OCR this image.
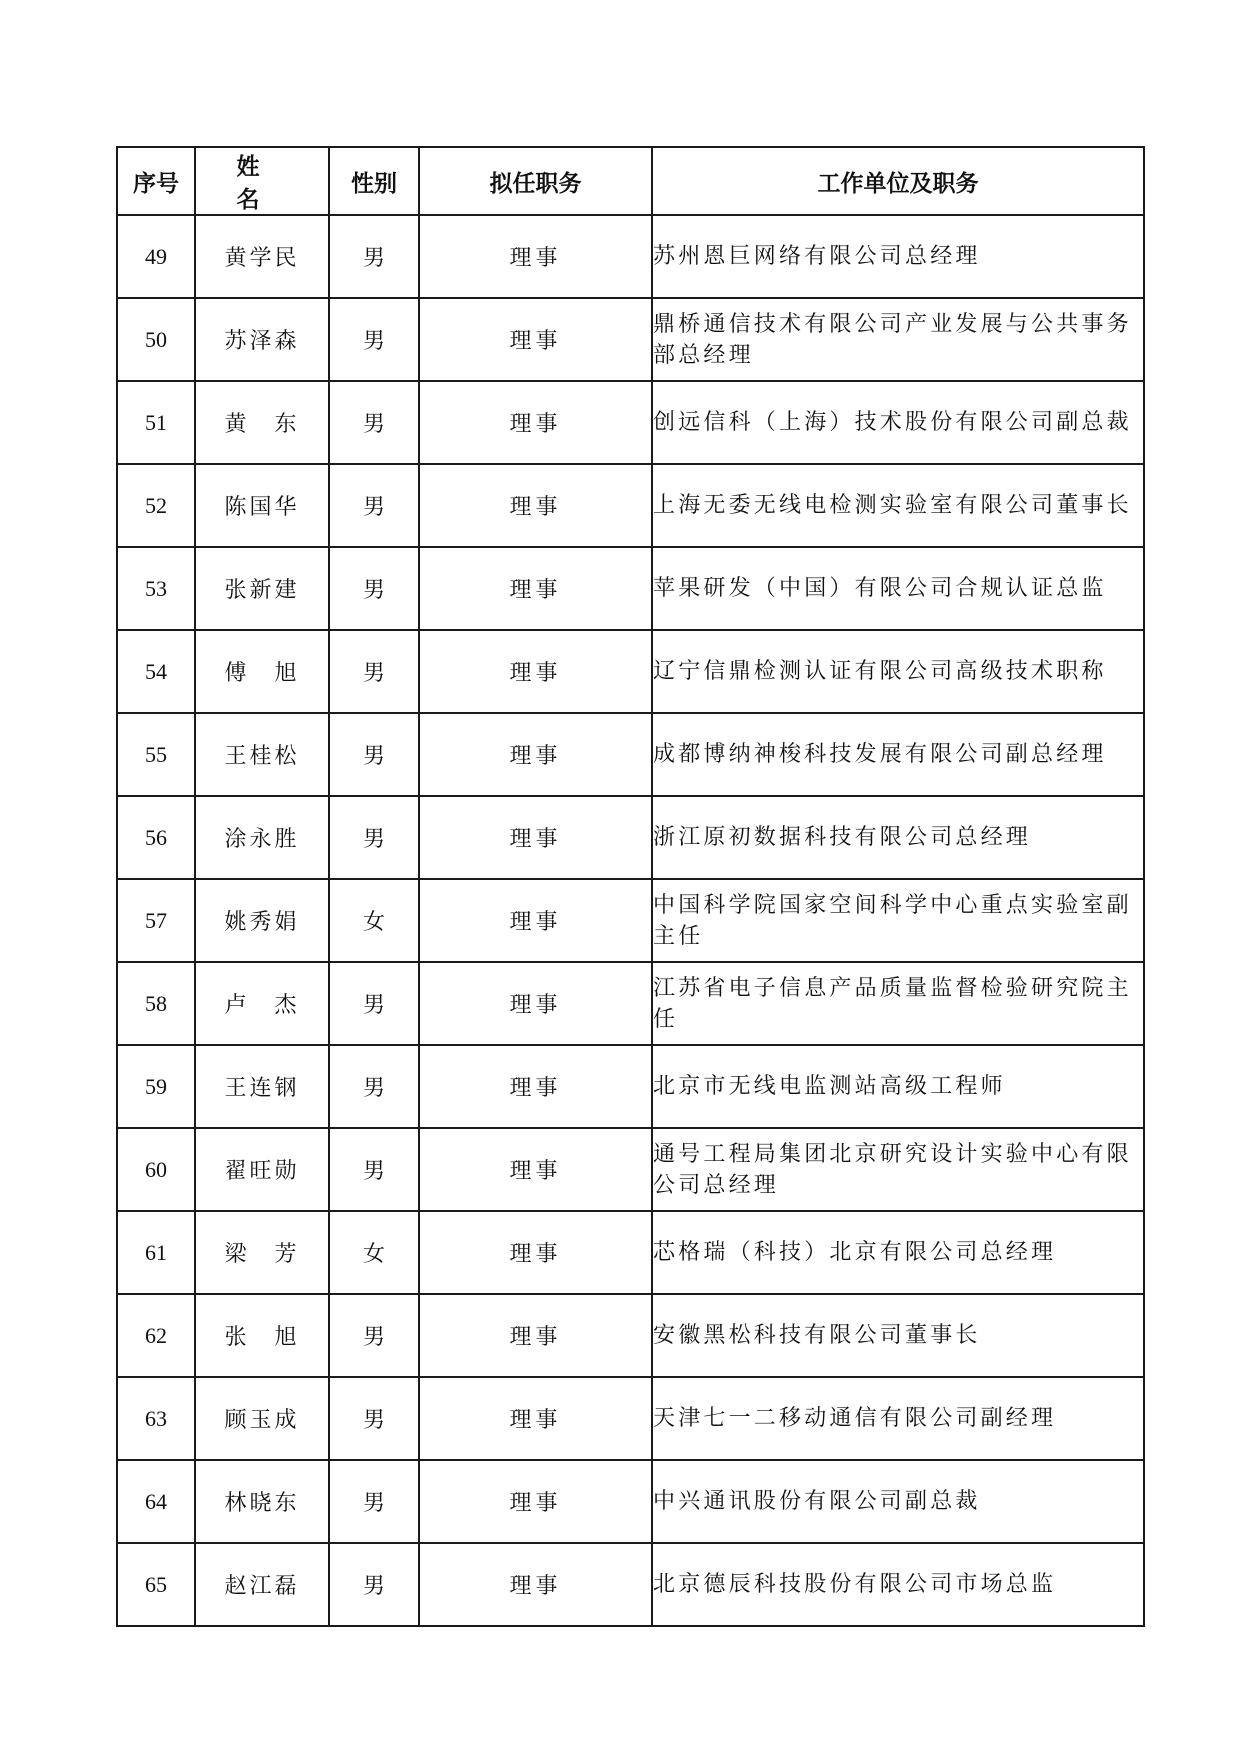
序号	姓　名	性别	拟任职务	工作单位及职务
49	黄学民	男	理事	苏州恩巨网络有限公司总经理
50	苏泽森	男	理事	鼎桥通信技术有限公司产业发展与公共事务部总经理
51	黄　东	男	理事	创远信科（上海）技术股份有限公司副总裁
52	陈国华	男	理事	上海无委无线电检测实验室有限公司董事长
53	张新建	男	理事	苹果研发（中国）有限公司合规认证总监
54	傅　旭	男	理事	辽宁信鼎检测认证有限公司高级技术职称
55	王桂松	男	理事	成都博纳神梭科技发展有限公司副总经理
56	涂永胜	男	理事	浙江原初数据科技有限公司总经理
57	姚秀娟	女	理事	中国科学院国家空间科学中心重点实验室副主任
58	卢　杰	男	理事	江苏省电子信息产品质量监督检验研究院主任
59	王连钢	男	理事	北京市无线电监测站高级工程师
60	翟旺勋	男	理事	通号工程局集团北京研究设计实验中心有限公司总经理
61	梁　芳	女	理事	芯格瑞（科技）北京有限公司总经理
62	张　旭	男	理事	安徽黑松科技有限公司董事长
63	顾玉成	男	理事	天津七一二移动通信有限公司副经理
64	林晓东	男	理事	中兴通讯股份有限公司副总裁
65	赵江磊	男	理事	北京德辰科技股份有限公司市场总监
